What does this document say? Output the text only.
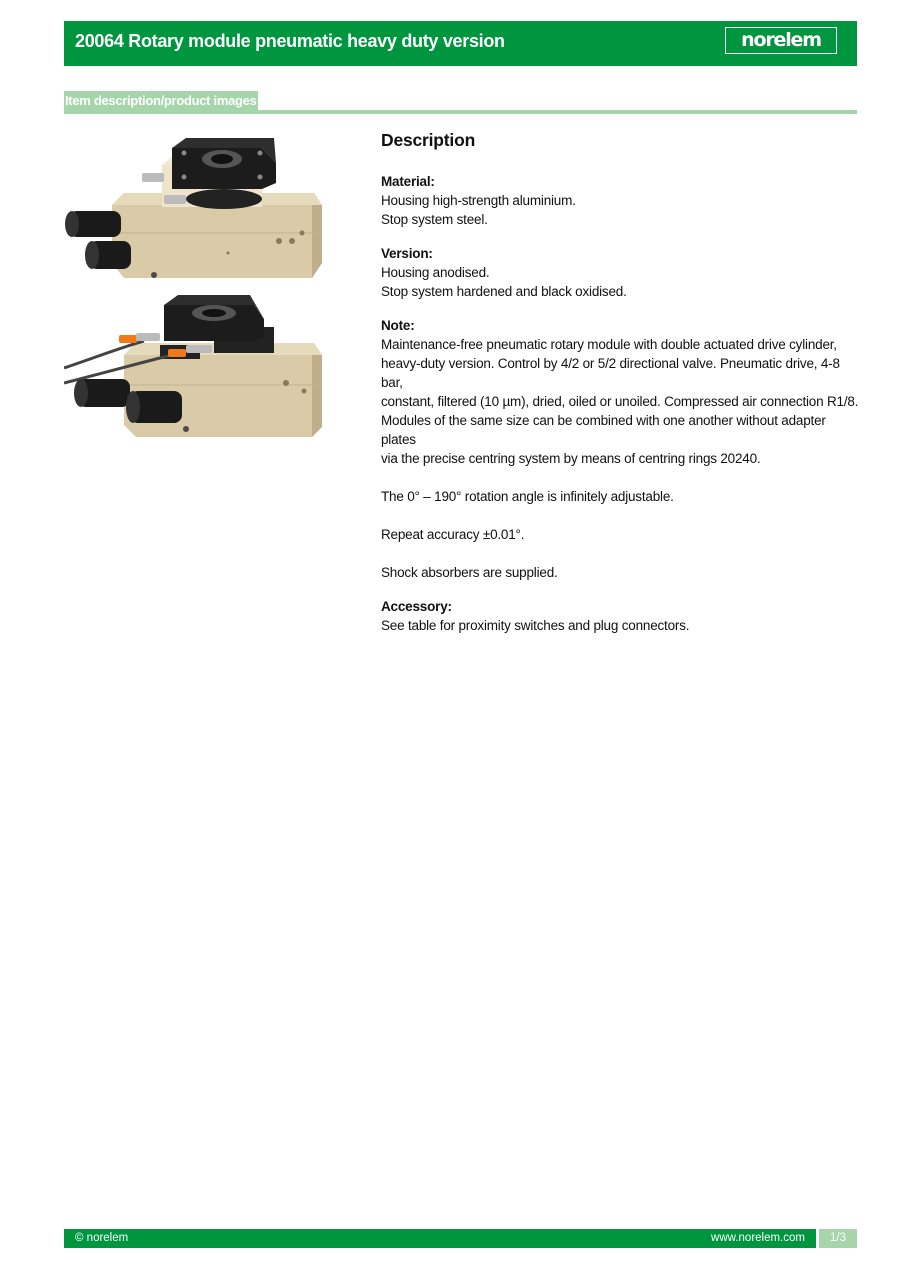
20064 Rotary module pneumatic heavy duty version	norelem
Item description/product images
Description
Material:
Housing high-strength aluminium.
Stop system steel.
Version:
Housing anodised.
Stop system hardened and black oxidised.
Note:
Maintenance-free pneumatic rotary module with double actuated drive cylinder,
heavy-duty version. Control by 4/2 or 5/2 directional valve. Pneumatic drive, 4-8 bar,
constant, filtered (10 µm), dried, oiled or unoiled. Compressed air connection R1/8.
Modules of the same size can be combined with one another without adapter plates
via the precise centring system by means of centring rings 20240.
The 0° – 190° rotation angle is infinitely adjustable.
Repeat accuracy ±0.01°.
Shock absorbers are supplied.
Accessory:
See table for proximity switches and plug connectors.
© norelem	www.norelem.com	1/3
